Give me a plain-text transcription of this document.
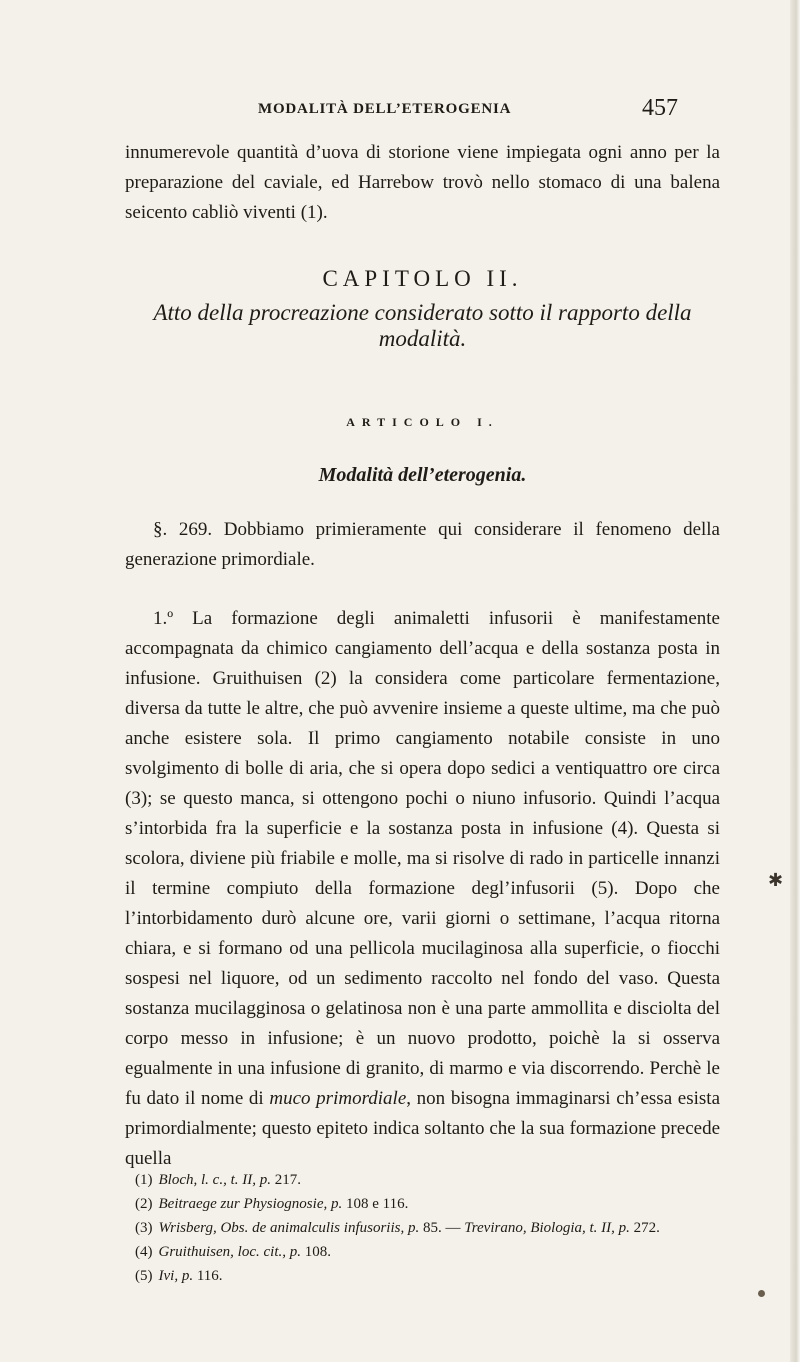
MODALITÀ DELL’ETEROGENIA	457
innumerevole quantità d’uova di storione viene impiegata ogni anno per la preparazione del caviale, ed Harrebow trovò nello stomaco di una balena seicento cabliò viventi (1).
CAPITOLO II.
Atto della procreazione considerato sotto il rapporto della modalità.
ARTICOLO I.
Modalità dell’eterogenia.
§. 269. Dobbiamo primieramente qui considerare il fenomeno della generazione primordiale.
1.º La formazione degli animaletti infusorii è manifestamente accompagnata da chimico cangiamento dell’acqua e della sostanza posta in infusione. Gruithuisen (2) la considera come particolare fermentazione, diversa da tutte le altre, che può avvenire insieme a queste ultime, ma che può anche esistere sola. Il primo cangiamento notabile consiste in uno svolgimento di bolle di aria, che si opera dopo sedici a ventiquattro ore circa (3); se questo manca, si ottengono pochi o niuno infusorio. Quindi l’acqua s’intorbida fra la superficie e la sostanza posta in infusione (4). Questa si scolora, diviene più friabile e molle, ma si risolve di rado in particelle innanzi il termine compiuto della formazione degl’infusorii (5). Dopo che l’intorbidamento durò alcune ore, varii giorni o settimane, l’acqua ritorna chiara, e si formano od una pellicola mucilaginosa alla superficie, o fiocchi sospesi nel liquore, od un sedimento raccolto nel fondo del vaso. Questa sostanza mucilagginosa o gelatinosa non è una parte ammollita e disciolta del corpo messo in infusione; è un nuovo prodotto, poichè la si osserva egualmente in una infusione di granito, di marmo e via discorrendo. Perchè le fu dato il nome di muco primordiale, non bisogna immaginarsi ch’essa esista primordialmente; questo epiteto indica soltanto che la sua formazione precede quella

(1) Bloch, l. c., t. II, p. 217.

(2) Beitraege zur Physiognosie, p. 108 e 116.

(3) Wrisberg, Obs. de animalculis infusoriis, p. 85. — Trevirano, Biologia, t. II, p. 272.

(4) Gruithuisen, loc. cit., p. 108.

(5) Ivi, p. 116.

✱
